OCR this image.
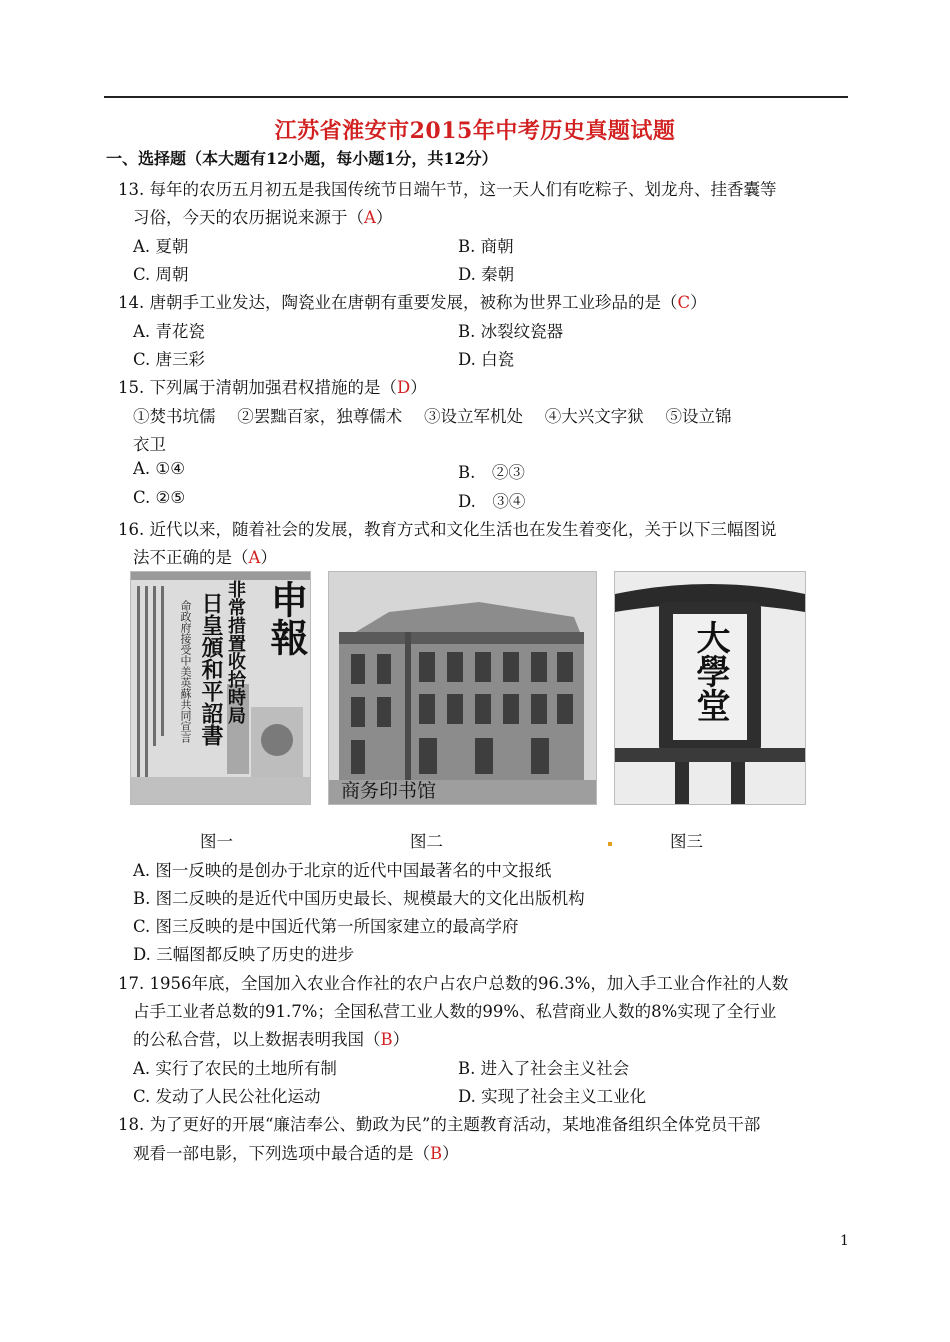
江苏省淮安市2015年中考历史真题试题
一、选择题（本大题有12小题，每小题1分，共12分）
13. 每年的农历五月初五是我国传统节日端午节，这一天人们有吃粽子、划龙舟、挂香囊等
习俗，今天的农历据说来源于（A）
A. 夏朝	B. 商朝
C. 周朝	D. 秦朝
14. 唐朝手工业发达，陶瓷业在唐朝有重要发展，被称为世界工业珍品的是（C）
A. 青花瓷	B. 冰裂纹瓷器
C. 唐三彩	D. 白瓷
15. 下列属于清朝加强君权措施的是（D）
①焚书坑儒　 ②罢黜百家，独尊儒术　 ③设立军机处　 ④大兴文字狱　 ⑤设立锦
衣卫
A. ①④	B.　②③
C. ②⑤	D.　③④
16. 近代以来，随着社会的发展，教育方式和文化生活也在发生着变化，关于以下三幅图说
法不正确的是（A）
申報
非常措置收拾時局
日皇頒和平詔書
命政府接受中美英蘇共同宣言
商务印书馆
大學堂
图一	图二	图三
A. 图一反映的是创办于北京的近代中国最著名的中文报纸
B. 图二反映的是近代中国历史最长、规模最大的文化出版机构
C. 图三反映的是中国近代第一所国家建立的最高学府
D. 三幅图都反映了历史的进步
17. 1956年底，全国加入农业合作社的农户占农户总数的96.3%，加入手工业合作社的人数
占手工业者总数的91.7%；全国私营工业人数的99%、私营商业人数的8%实现了全行业
的公私合营，以上数据表明我国（B）
A. 实行了农民的土地所有制	B. 进入了社会主义社会
C. 发动了人民公社化运动	D. 实现了社会主义工业化
18. 为了更好的开展“廉洁奉公、勤政为民”的主题教育活动，某地准备组织全体党员干部
观看一部电影，下列选项中最合适的是（B）
1
